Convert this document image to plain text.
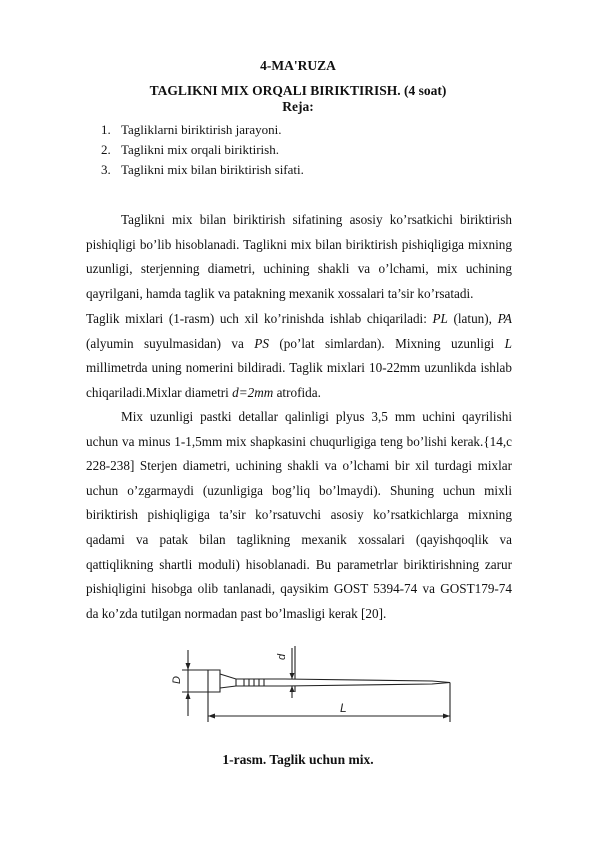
4-MA'RUZA
TAGLIKNI MIX ORQALI BIRIKTIRISH. (4 soat)
Reja:
1. Tagliklarni biriktirish jarayoni.
2. Taglikni mix orqali biriktirish.
3. Taglikni mix bilan biriktirish sifati.

Taglikni mix bilan biriktirish sifatining asosiy ko’rsatkichi biriktirish pishiqligi bo’lib hisoblanadi. Taglikni mix bilan biriktirish pishiqligiga mixning uzunligi, sterjenning diametri, uchining shakli va o’lchami, mix uchining qayrilgani, hamda taglik va patakning mexanik xossalari ta’sir ko’rsatadi.

Taglik mixlari (1-rasm) uch xil ko’rinishda ishlab chiqariladi: PL (latun), PA (alyumin suyulmasidan) va PS (po’lat simlardan). Mixning uzunligi L millimetrda uning nomerini bildiradi. Taglik mixlari 10-22mm uzunlikda ishlab chiqariladi.Mixlar diametri d=2mm atrofida.

Mix uzunligi pastki detallar qalinligi plyus 3,5 mm uchini qayrilishi uchun va minus 1-1,5mm mix shapkasini chuqurligiga teng bo’lishi kerak.{14,c 228-238] Sterjen diametri, uchining shakli va o’lchami bir xil turdagi mixlar uchun o’zgarmaydi (uzunligiga bog’liq bo’lmaydi). Shuning uchun mixli biriktirish pishiqligiga ta’sir ko’rsatuvchi asosiy ko’rsatkichlarga mixning qadami va patak bilan taglikning mexanik xossalari (qayishqoqlik va qattiqlikning shartli moduli) hisoblanadi. Bu parametrlar biriktirishning zarur pishiqligini hisobga olib tanlanadi, qaysikim GOST 5394-74 va GOST179-74 da ko’zda tutilgan normadan past bo’lmasligi kerak [20].

D
d
L
1-rasm. Taglik uchun mix.
